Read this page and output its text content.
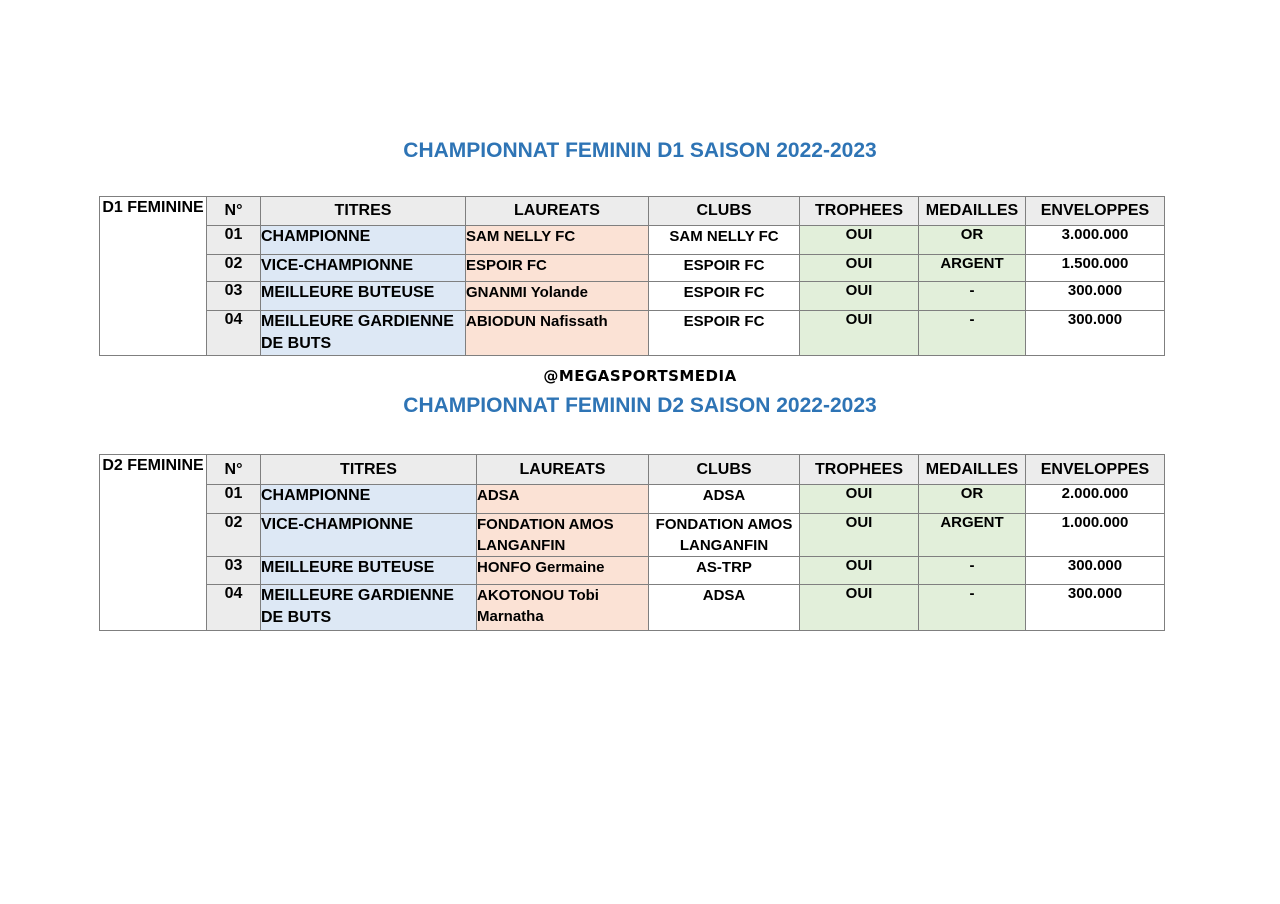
CHAMPIONNAT FEMININ D1 SAISON 2022-2023
D1 FEMININE	N°	TITRES	LAUREATS	CLUBS	TROPHEES	MEDAILLES	ENVELOPPES
	01	CHAMPIONNE	SAM NELLY FC	SAM NELLY FC	OUI	OR	3.000.000
	02	VICE-CHAMPIONNE	ESPOIR FC	ESPOIR FC	OUI	ARGENT	1.500.000
	03	MEILLEURE BUTEUSE	GNANMI Yolande	ESPOIR FC	OUI	-	300.000
	04	MEILLEURE GARDIENNE DE BUTS	ABIODUN Nafissath	ESPOIR FC	OUI	-	300.000
@MEGASPORTSMEDIA
CHAMPIONNAT FEMININ D2 SAISON 2022-2023
D2 FEMININE	N°	TITRES	LAUREATS	CLUBS	TROPHEES	MEDAILLES	ENVELOPPES
	01	CHAMPIONNE	ADSA	ADSA	OUI	OR	2.000.000
	02	VICE-CHAMPIONNE	FONDATION AMOS LANGANFIN	FONDATION AMOS LANGANFIN	OUI	ARGENT	1.000.000
	03	MEILLEURE BUTEUSE	HONFO Germaine	AS-TRP	OUI	-	300.000
	04	MEILLEURE GARDIENNE DE BUTS	AKOTONOU Tobi Marnatha	ADSA	OUI	-	300.000
